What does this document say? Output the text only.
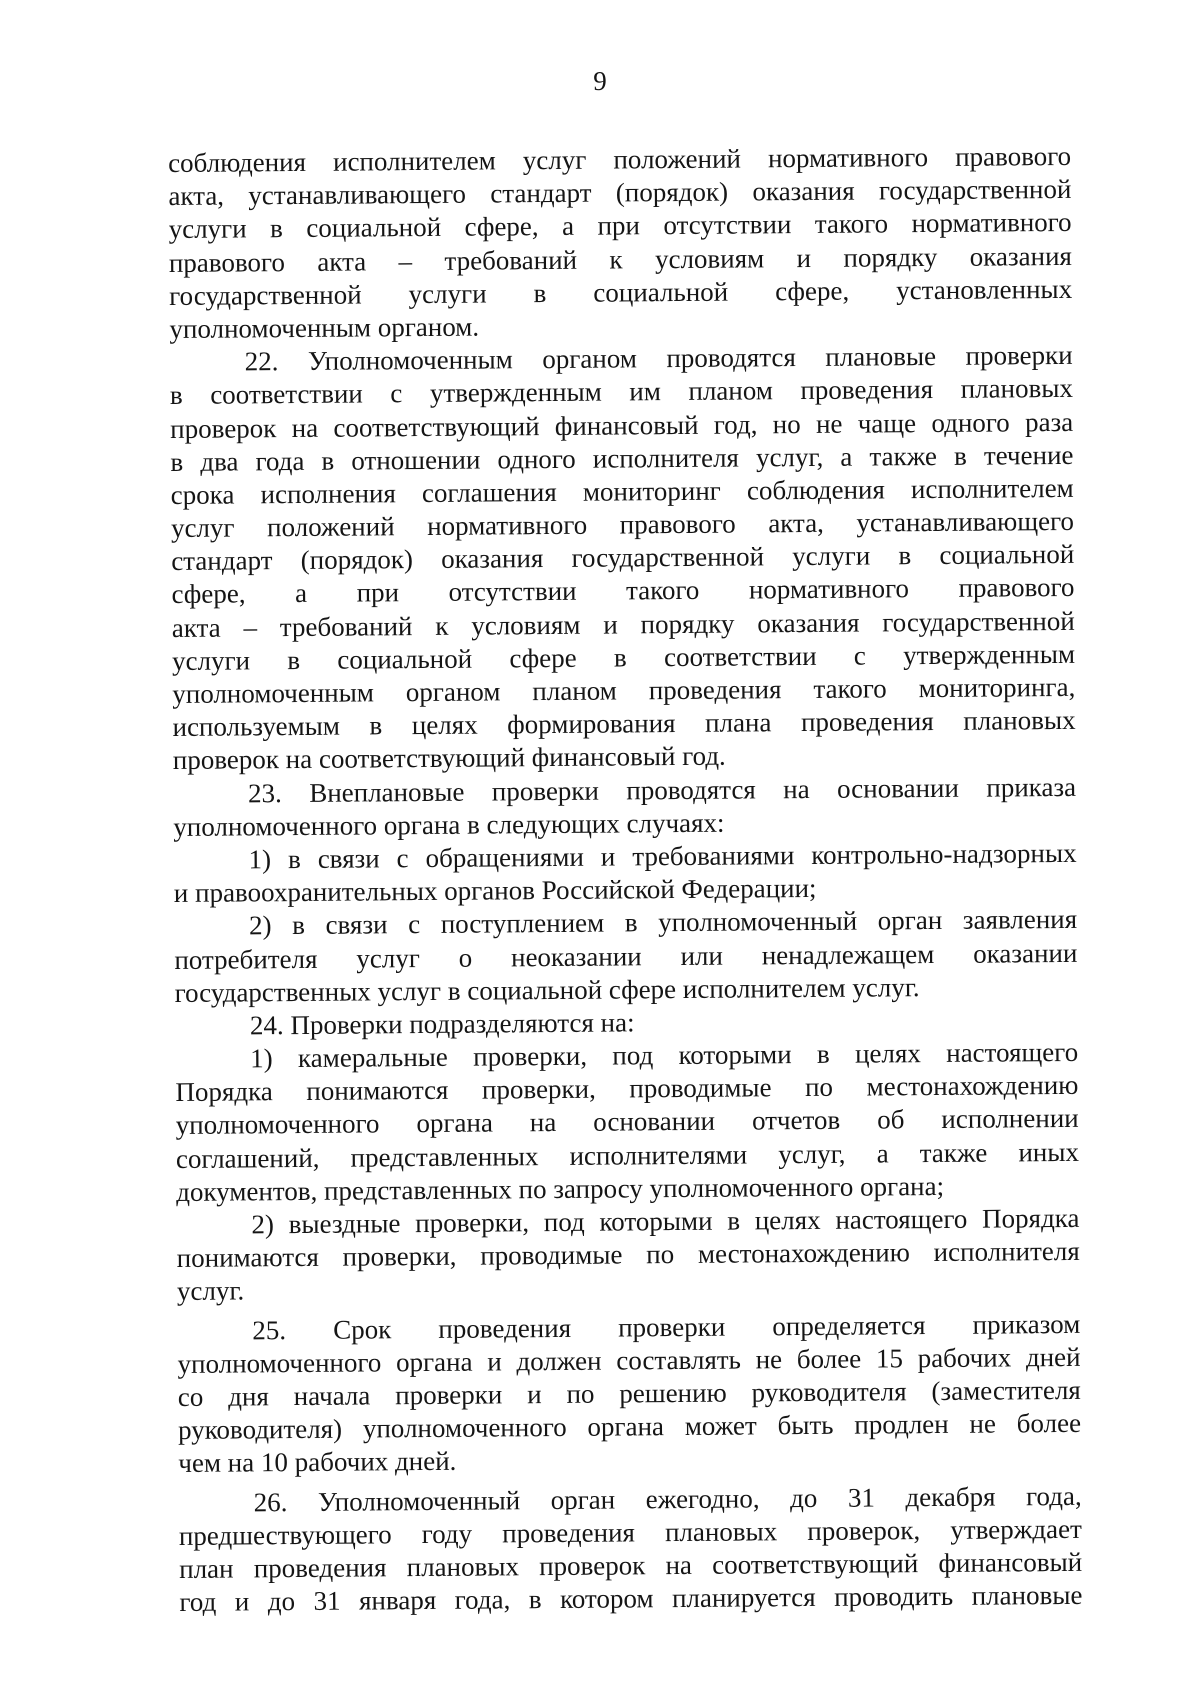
9
соблюдения исполнителем услуг положений нормативного правового
акта, устанавливающего стандарт (порядок) оказания государственной
услуги в социальной сфере, а при отсутствии такого нормативного
правового акта – требований к условиям и порядку оказания
государственной услуги в социальной сфере, установленных
уполномоченным органом.
22. Уполномоченным органом проводятся плановые проверки
в соответствии с утвержденным им планом проведения плановых
проверок на соответствующий финансовый год, но не чаще одного раза
в два года в отношении одного исполнителя услуг, а также в течение
срока исполнения соглашения мониторинг соблюдения исполнителем
услуг положений нормативного правового акта, устанавливающего
стандарт (порядок) оказания государственной услуги в социальной
сфере, а при отсутствии такого нормативного правового
акта – требований к условиям и порядку оказания государственной
услуги в социальной сфере в соответствии с утвержденным
уполномоченным органом планом проведения такого мониторинга,
используемым в целях формирования плана проведения плановых
проверок на соответствующий финансовый год.
23. Внеплановые проверки проводятся на основании приказа
уполномоченного органа в следующих случаях:
1) в связи с обращениями и требованиями контрольно-надзорных
и правоохранительных органов Российской Федерации;
2) в связи с поступлением в уполномоченный орган заявления
потребителя услуг о неоказании или ненадлежащем оказании
государственных услуг в социальной сфере исполнителем услуг.
24. Проверки подразделяются на:
1) камеральные проверки, под которыми в целях настоящего
Порядка понимаются проверки, проводимые по местонахождению
уполномоченного органа на основании отчетов об исполнении
соглашений, представленных исполнителями услуг, а также иных
документов, представленных по запросу уполномоченного органа;
2) выездные проверки, под которыми в целях настоящего Порядка
понимаются проверки, проводимые по местонахождению исполнителя
услуг.
25. Срок проведения проверки определяется приказом
уполномоченного органа и должен составлять не более 15 рабочих дней
со дня начала проверки и по решению руководителя (заместителя
руководителя) уполномоченного органа может быть продлен не более
чем на 10 рабочих дней.
26. Уполномоченный орган ежегодно, до 31 декабря года,
предшествующего году проведения плановых проверок, утверждает
план проведения плановых проверок на соответствующий финансовый
год и до 31 января года, в котором планируется проводить плановые
